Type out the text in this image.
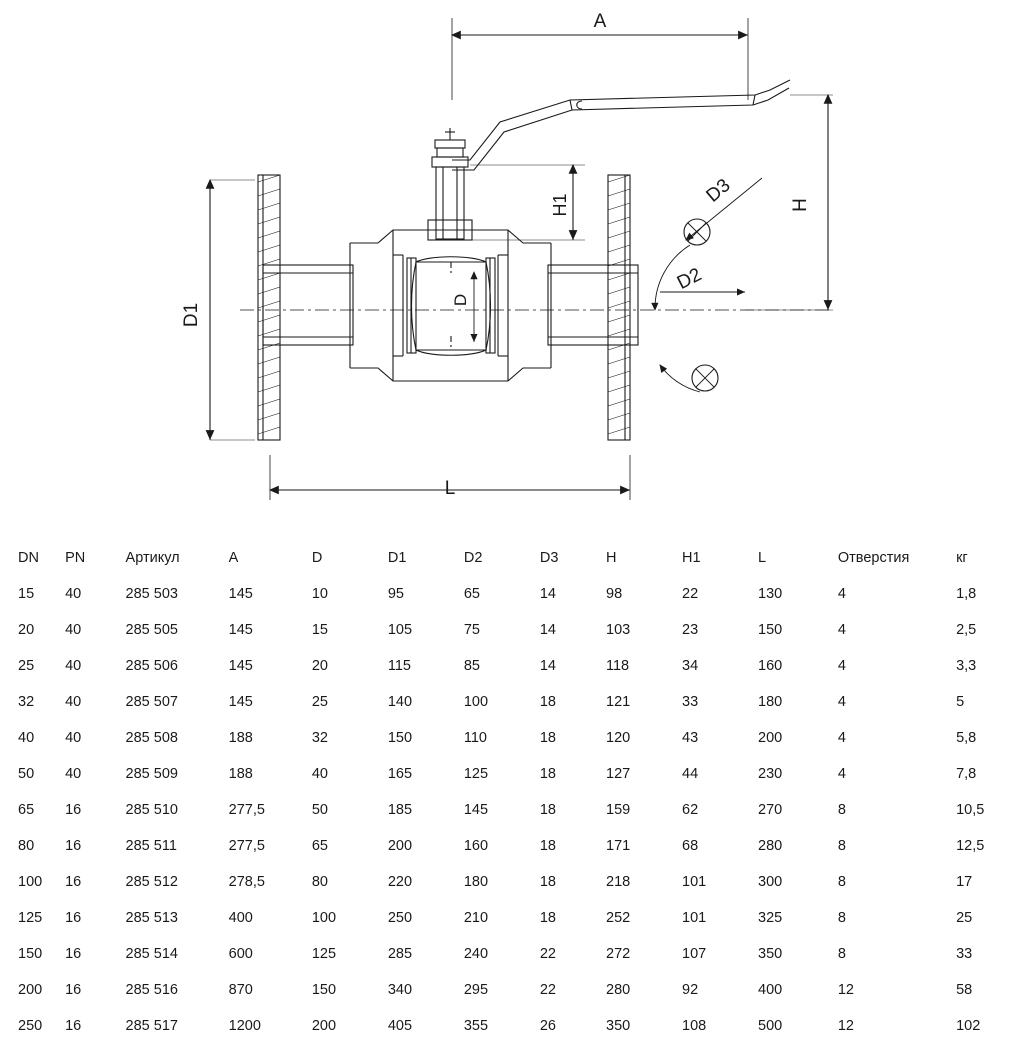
A
H
H1
D
D1
D2
D3
L
DN	PN	Артикул	A	D	D1	D2	D3	H	H1	L	Отверстия	кг
15	40	285 503	145	10	95	65	14	98	22	130	4	1,8
20	40	285 505	145	15	105	75	14	103	23	150	4	2,5
25	40	285 506	145	20	115	85	14	118	34	160	4	3,3
32	40	285 507	145	25	140	100	18	121	33	180	4	5
40	40	285 508	188	32	150	110	18	120	43	200	4	5,8
50	40	285 509	188	40	165	125	18	127	44	230	4	7,8
65	16	285 510	277,5	50	185	145	18	159	62	270	8	10,5
80	16	285 511	277,5	65	200	160	18	171	68	280	8	12,5
100	16	285 512	278,5	80	220	180	18	218	101	300	8	17
125	16	285 513	400	100	250	210	18	252	101	325	8	25
150	16	285 514	600	125	285	240	22	272	107	350	8	33
200	16	285 516	870	150	340	295	22	280	92	400	12	58
250	16	285 517	1200	200	405	355	26	350	108	500	12	102
